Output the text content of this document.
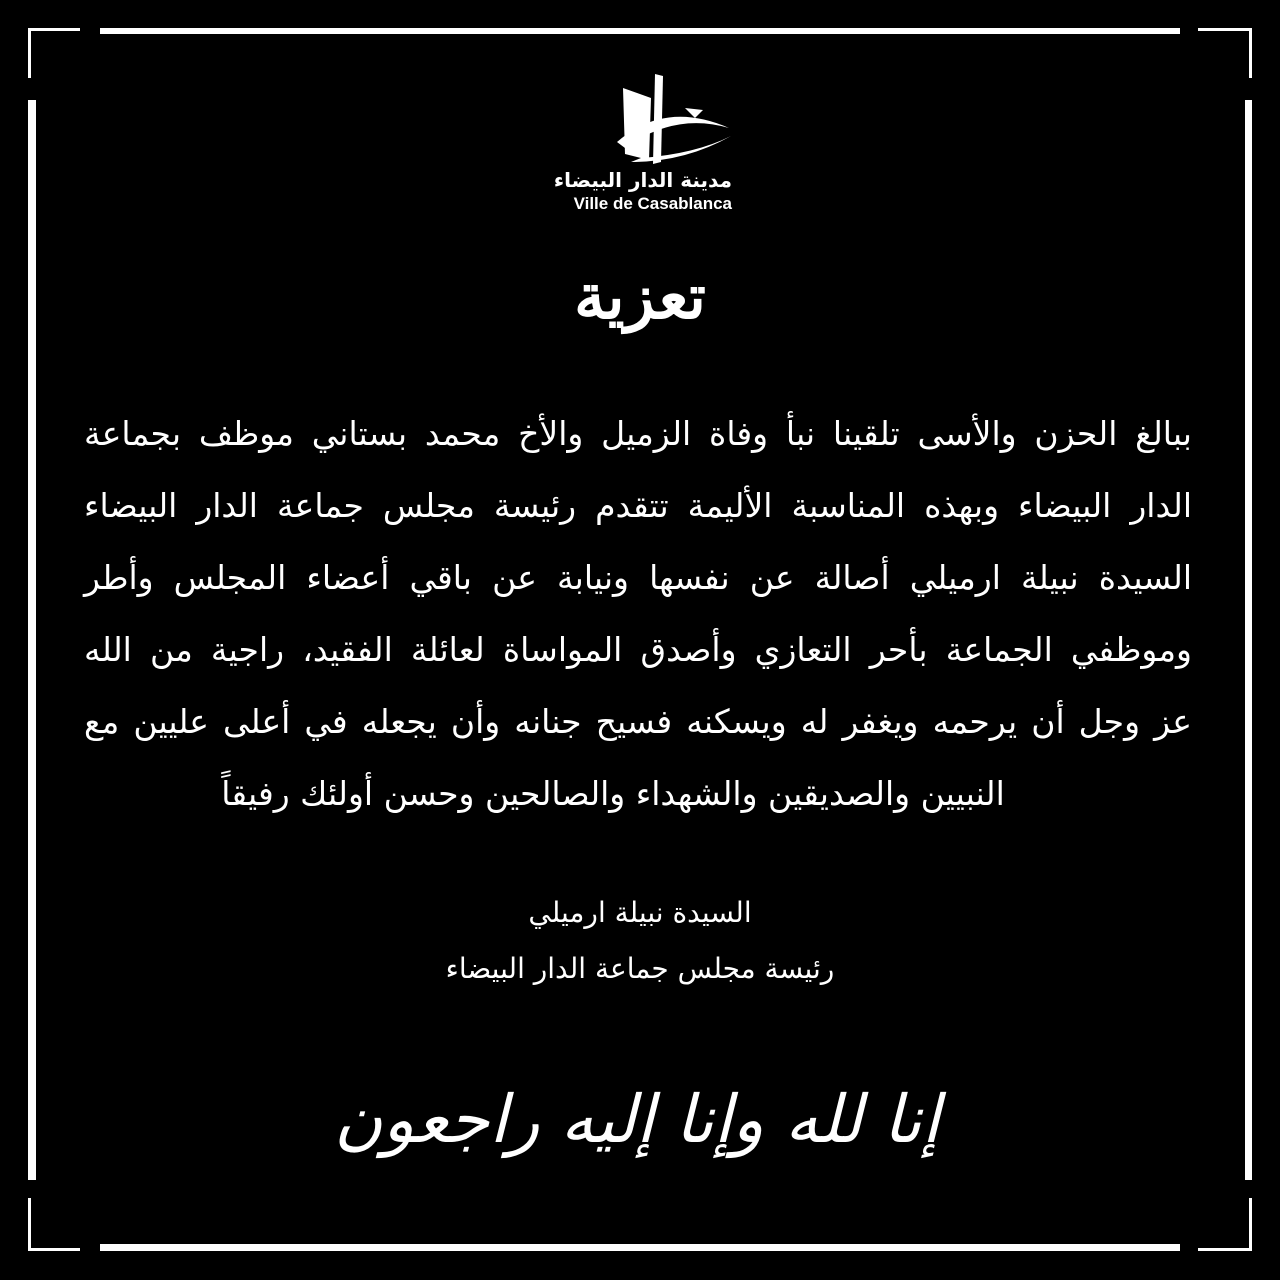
مدينة الدار البيضاء
Ville de Casablanca
تعزية
ببالغ الحزن والأسى تلقينا نبأ وفاة الزميل والأخ محمد بستاني موظف بجماعة
الدار البيضاء وبهذه المناسبة الأليمة تتقدم رئيسة مجلس جماعة الدار البيضاء
السيدة نبيلة ارميلي أصالة عن نفسها ونيابة عن باقي أعضاء المجلس وأطر
وموظفي الجماعة بأحر التعازي وأصدق المواساة لعائلة الفقيد، راجية من الله
عز وجل أن يرحمه ويغفر له ويسكنه فسيح جنانه وأن يجعله في أعلى عليين مع
النبيين والصديقين والشهداء والصالحين وحسن أولئك رفيقاً
السيدة نبيلة ارميلي
رئيسة مجلس جماعة الدار البيضاء
إنا لله وإنا إليه راجعون
